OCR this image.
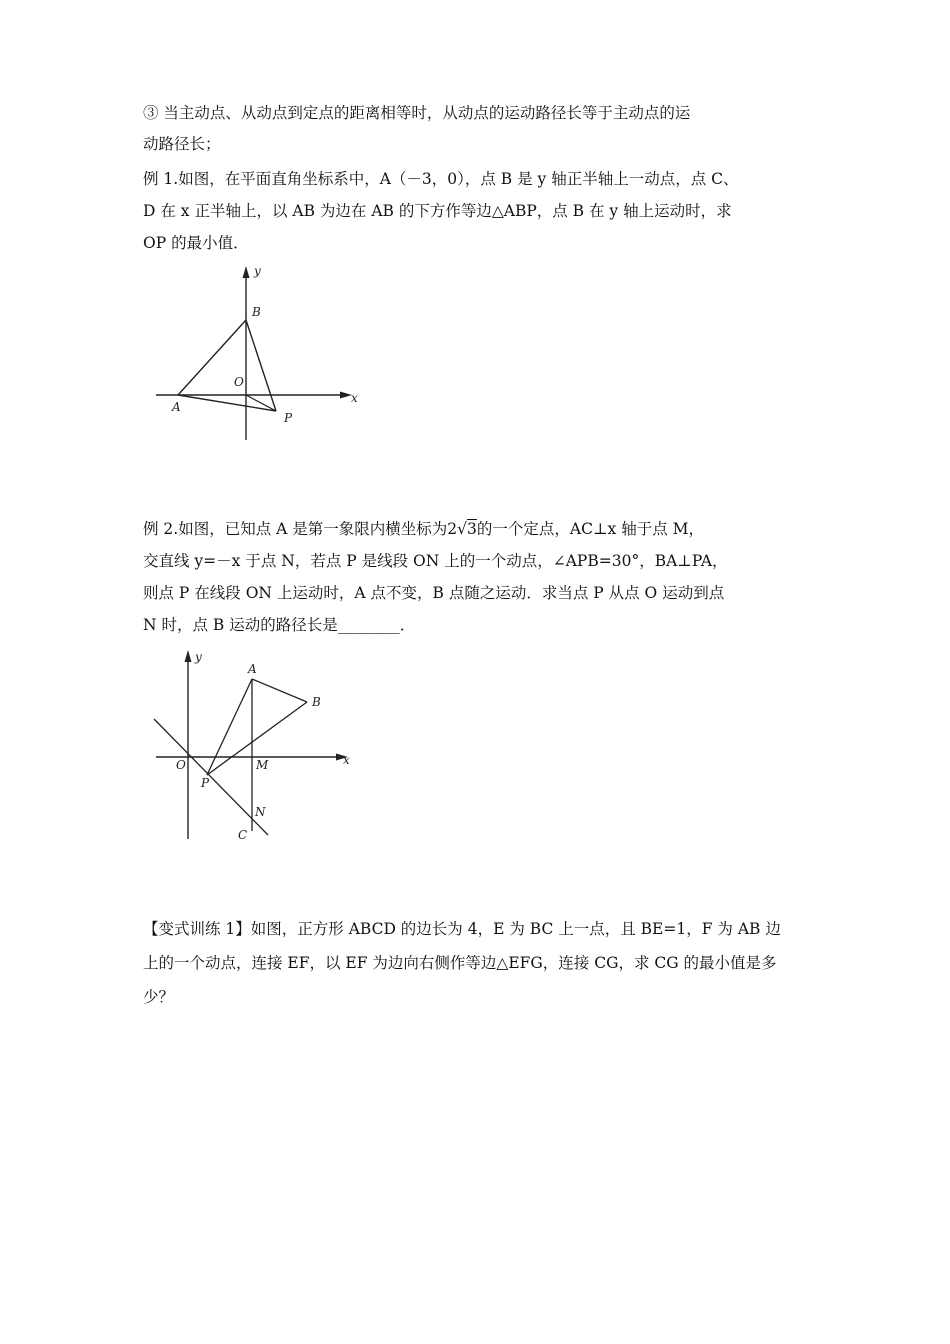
③ 当主动点、从动点到定点的距离相等时，从动点的运动路径长等于主动点的运
动路径长；
例 1.如图，在平面直角坐标系中，A（－3，0），点 B 是 y 轴正半轴上一动点，点 C、
D 在 x 正半轴上，以 AB 为边在 AB 的下方作等边△ABP，点 B 在 y 轴上运动时，求
OP 的最小值．
y
x
B
O
A
P
例 2.如图，已知点 A 是第一象限内横坐标为2√3的一个定点，AC⊥x 轴于点 M，
交直线 y=－x 于点 N，若点 P 是线段 ON 上的一个动点，∠APB=30°，BA⊥PA，
则点 P 在线段 ON 上运动时，A 点不变，B 点随之运动．求当点 P 从点 O 运动到点
N 时，点 B 运动的路径长是________．
y
x
A
B
O
P
M
N
C
【变式训练 1】如图，正方形 ABCD 的边长为 4，E 为 BC 上一点，且 BE=1，F 为 AB 边
上的一个动点，连接 EF，以 EF 为边向右侧作等边△EFG，连接 CG，求 CG 的最小值是多
少？
